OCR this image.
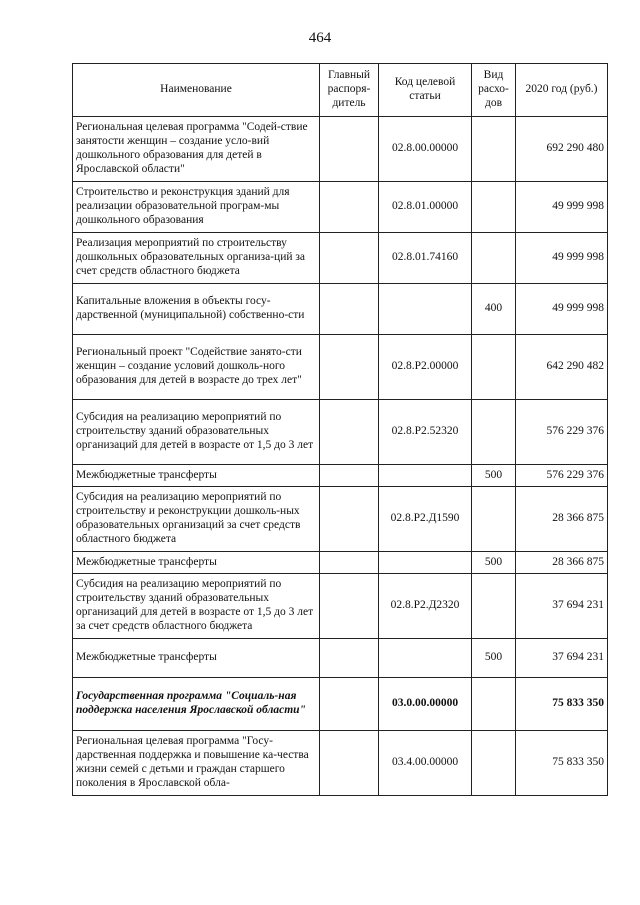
464
Наименование	Главный распоря-дитель	Код целевой статьи	Вид расхо-дов	2020 год (руб.)
Региональная целевая программа "Содей-ствие занятости женщин – создание усло-вий дошкольного образования для детей в Ярославской области"		02.8.00.00000		692 290 480
Строительство и реконструкция зданий для реализации образовательной програм-мы дошкольного образования		02.8.01.00000		49 999 998
Реализация мероприятий по строительству дошкольных образовательных организа-ций за счет средств областного бюджета		02.8.01.74160		49 999 998
Капитальные вложения в объекты госу-дарственной (муниципальной) собственно-сти			400	49 999 998
Региональный проект "Содействие занято-сти женщин – создание условий дошколь-ного образования для детей в возрасте до трех лет"		02.8.Р2.00000		642 290 482
Субсидия на реализацию мероприятий по строительству зданий образовательных организаций для детей в возрасте от 1,5 до 3 лет		02.8.Р2.52320		576 229 376
Межбюджетные трансферты			500	576 229 376
Субсидия на реализацию мероприятий по строительству и реконструкции дошколь-ных образовательных организаций за счет средств областного бюджета		02.8.Р2.Д1590		28 366 875
Межбюджетные трансферты			500	28 366 875
Субсидия на реализацию мероприятий по строительству зданий образовательных организаций для детей в возрасте от 1,5 до 3 лет за счет средств областного бюджета		02.8.Р2.Д2320		37 694 231
Межбюджетные трансферты			500	37 694 231
Государственная программа "Социаль-ная поддержка населения Ярославской области"		03.0.00.00000		75 833 350
Региональная целевая программа "Госу-дарственная поддержка и повышение ка-чества жизни семей с детьми и граждан старшего поколения в Ярославской обла-		03.4.00.00000		75 833 350
